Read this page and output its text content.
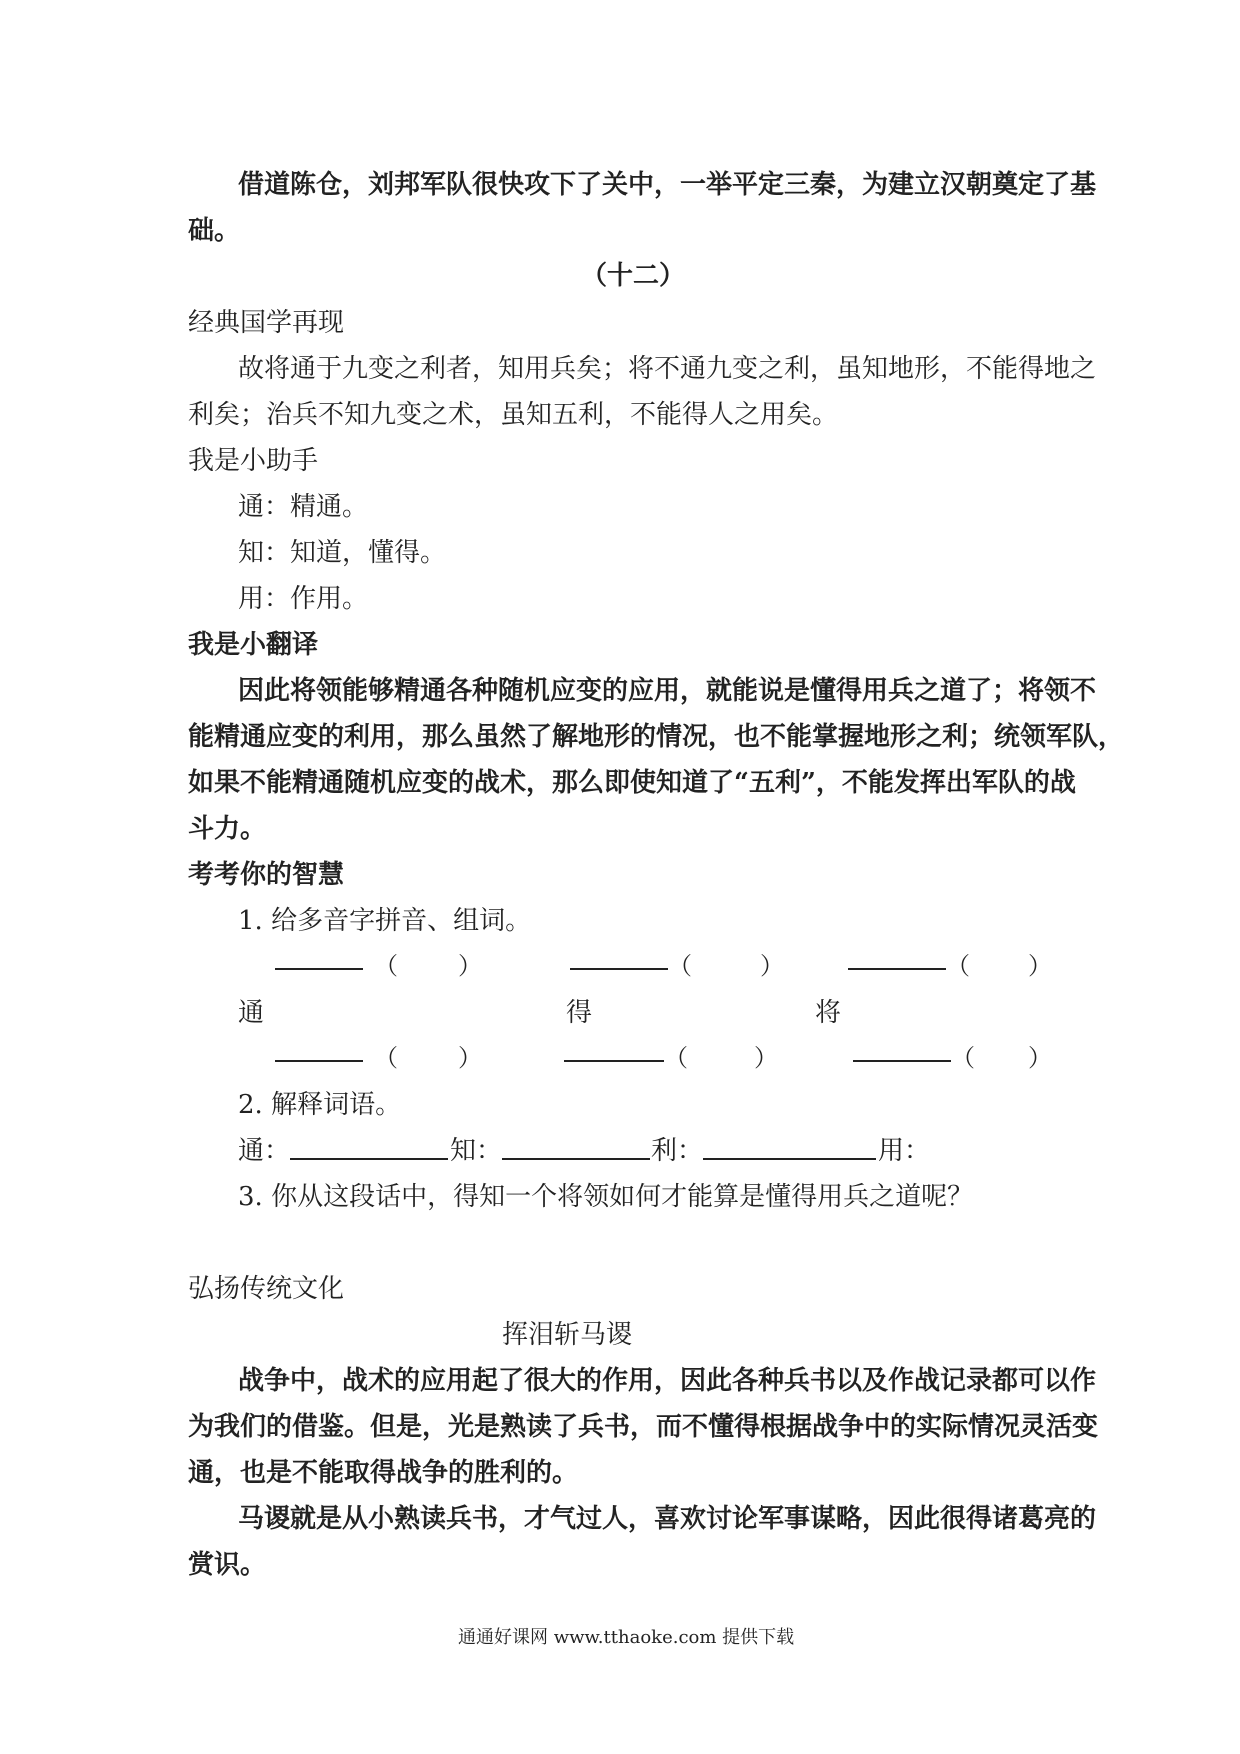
借道陈仓，刘邦军队很快攻下了关中，一举平定三秦，为建立汉朝奠定了基
础。
（十二）
经典国学再现
故将通于九变之利者，知用兵矣；将不通九变之利，虽知地形，不能得地之
利矣；治兵不知九变之术，虽知五利，不能得人之用矣。
我是小助手
通：精通。
知：知道，懂得。
用：作用。
我是小翻译
因此将领能够精通各种随机应变的应用，就能说是懂得用兵之道了；将领不
能精通应变的利用，那么虽然了解地形的情况，也不能掌握地形之利；统领军队，
如果不能精通随机应变的战术，那么即使知道了“五利”，不能发挥出军队的战
斗力。
考考你的智慧
1. 给多音字拼音、组词。
（	）	（	）	（ ）
通	得	将
（	）	（	）	（ ）
2. 解释词语。
通：	知：	利：	用：
3. 你从这段话中，得知一个将领如何才能算是懂得用兵之道呢？
弘扬传统文化
挥泪斩马谡
战争中，战术的应用起了很大的作用，因此各种兵书以及作战记录都可以作
为我们的借鉴。但是，光是熟读了兵书，而不懂得根据战争中的实际情况灵活变
通，也是不能取得战争的胜利的。
马谡就是从小熟读兵书，才气过人，喜欢讨论军事谋略，因此很得诸葛亮的
赏识。
通通好课网 www.tthaoke.com 提供下载
